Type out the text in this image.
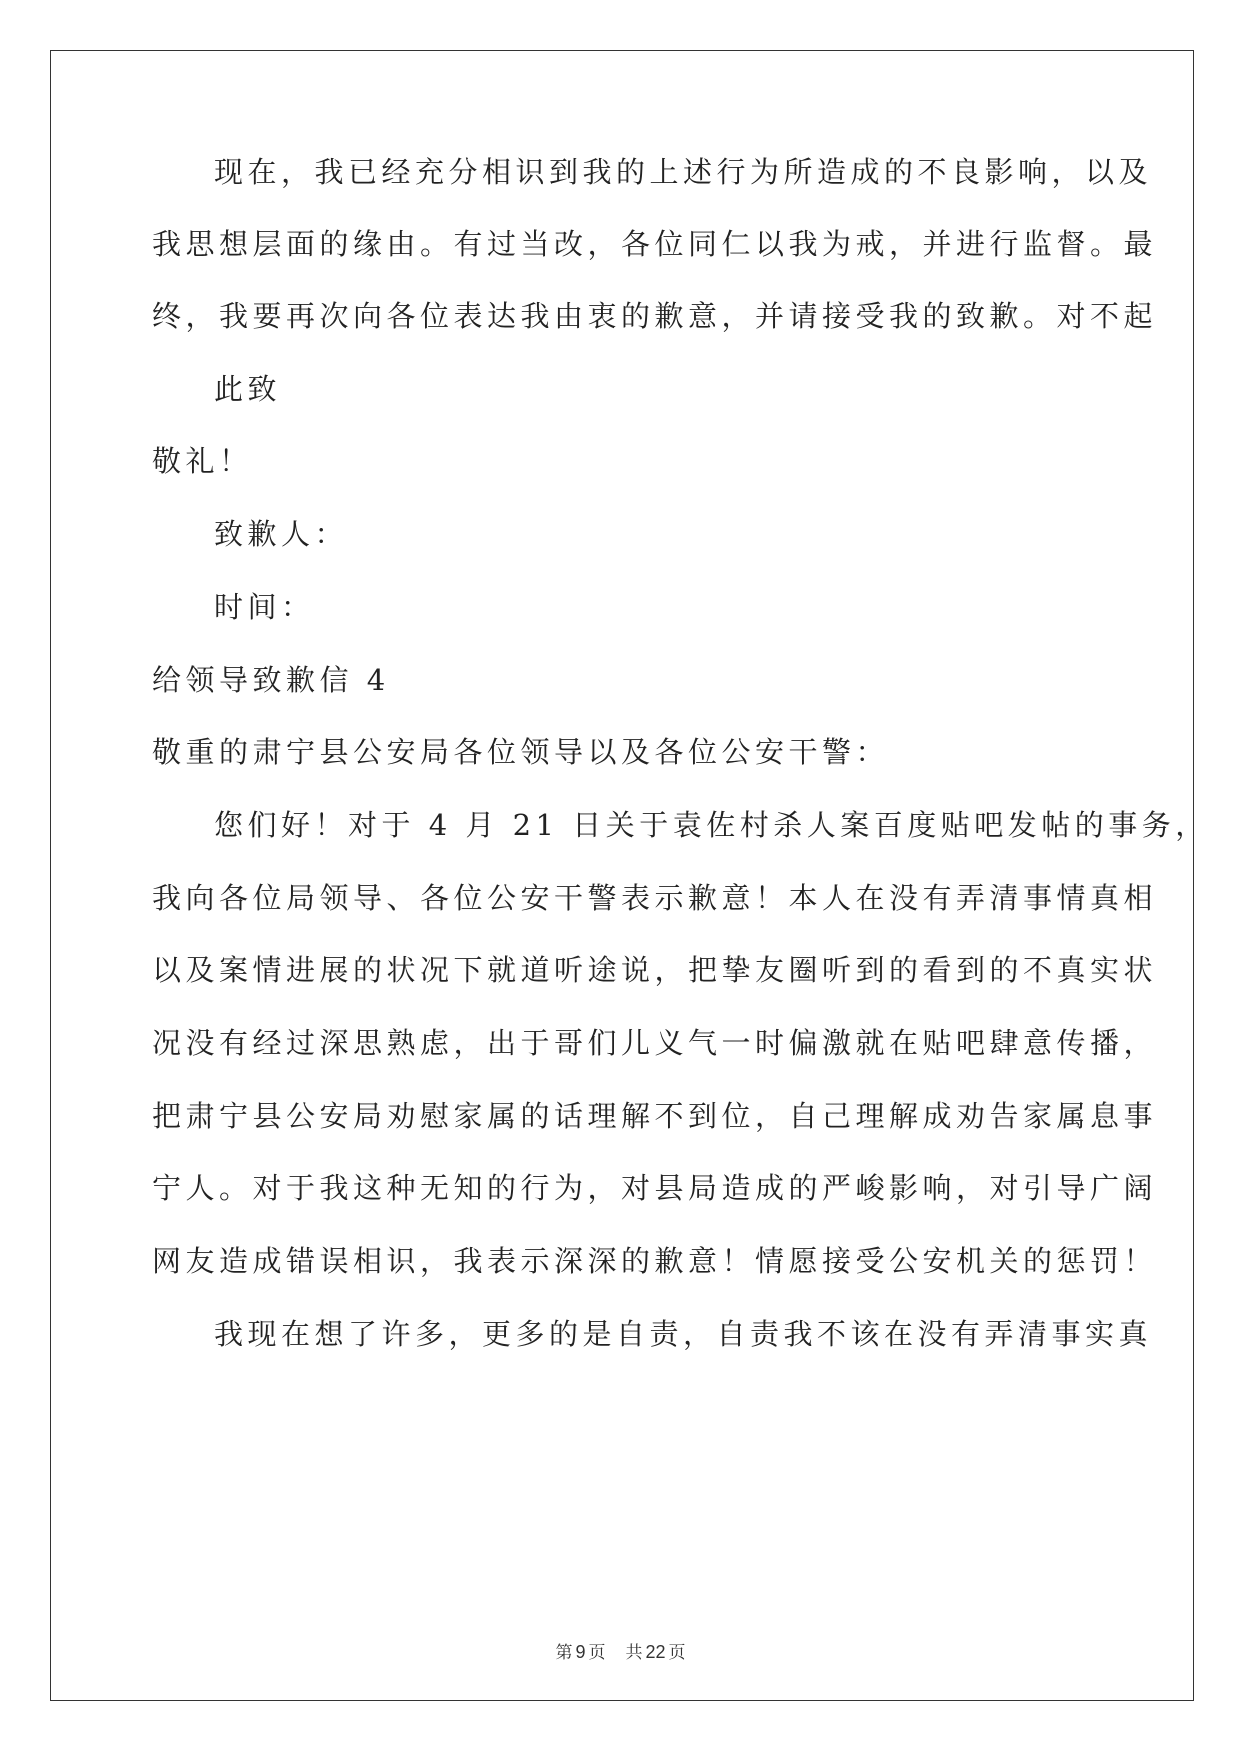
现在，我已经充分相识到我的上述行为所造成的不良影响，以及
我思想层面的缘由。有过当改，各位同仁以我为戒，并进行监督。最
终，我要再次向各位表达我由衷的歉意，并请接受我的致歉。对不起
此致
敬礼！
致歉人：
时间：
给领导致歉信 4
敬重的肃宁县公安局各位领导以及各位公安干警：
您们好！对于 4 月 21 日关于袁佐村杀人案百度贴吧发帖的事务，
我向各位局领导、各位公安干警表示歉意！本人在没有弄清事情真相
以及案情进展的状况下就道听途说，把挚友圈听到的看到的不真实状
况没有经过深思熟虑，出于哥们儿义气一时偏激就在贴吧肆意传播，
把肃宁县公安局劝慰家属的话理解不到位，自己理解成劝告家属息事
宁人。对于我这种无知的行为，对县局造成的严峻影响，对引导广阔
网友造成错误相识，我表示深深的歉意！情愿接受公安机关的惩罚！
我现在想了许多，更多的是自责，自责我不该在没有弄清事实真
第 9 页 共 22 页
